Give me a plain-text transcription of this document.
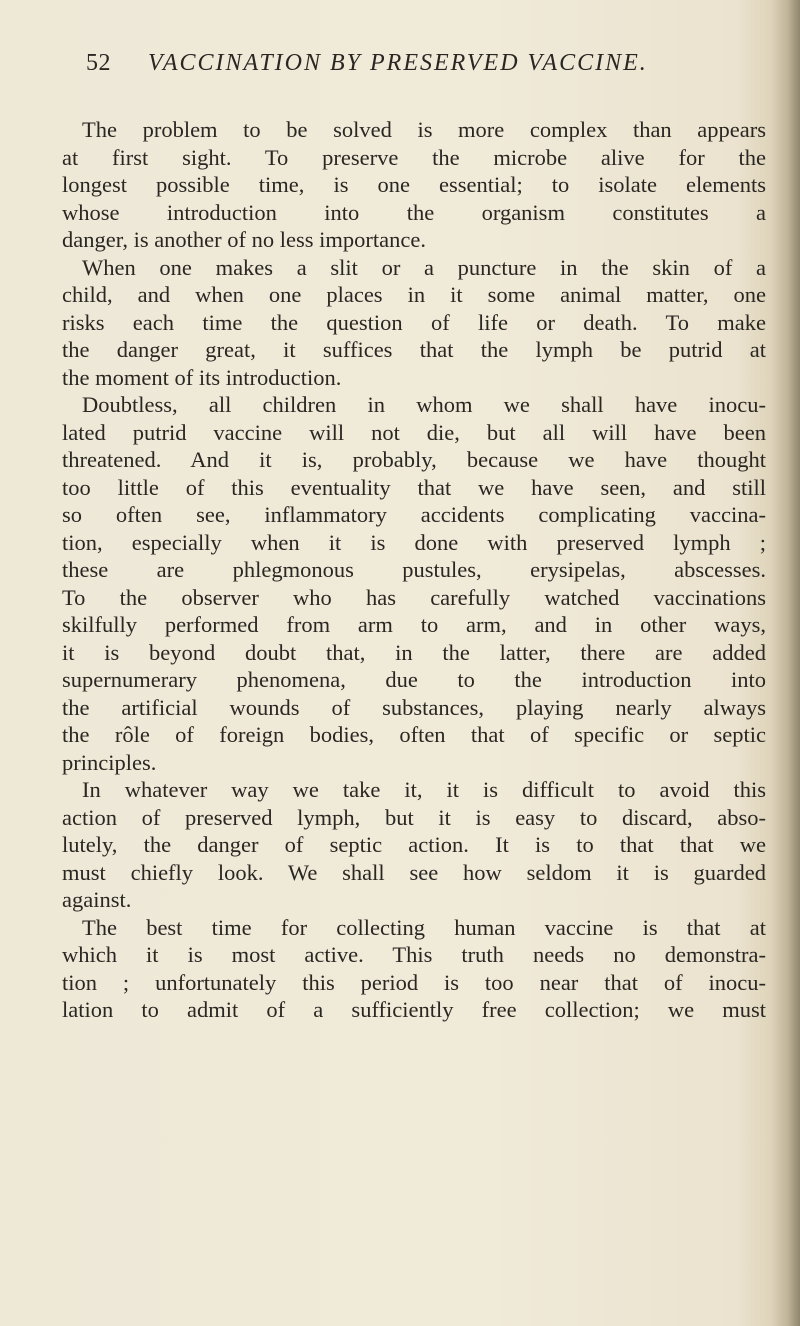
52 VACCINATION BY PRESERVED VACCINE.
The problem to be solved is more complex than appears
at first sight. To preserve the microbe alive for the
longest possible time, is one essential; to isolate elements
whose introduction into the organism constitutes a
danger, is another of no less importance.
When one makes a slit or a puncture in the skin of a
child, and when one places in it some animal matter, one
risks each time the question of life or death. To make
the danger great, it suffices that the lymph be putrid at
the moment of its introduction.
Doubtless, all children in whom we shall have inocu-
lated putrid vaccine will not die, but all will have been
threatened. And it is, probably, because we have thought
too little of this eventuality that we have seen, and still
so often see, inflammatory accidents complicating vaccina-
tion, especially when it is done with preserved lymph ;
these are phlegmonous pustules, erysipelas, abscesses.
To the observer who has carefully watched vaccinations
skilfully performed from arm to arm, and in other ways,
it is beyond doubt that, in the latter, there are added
supernumerary phenomena, due to the introduction into
the artificial wounds of substances, playing nearly always
the rôle of foreign bodies, often that of specific or septic
principles.
In whatever way we take it, it is difficult to avoid this
action of preserved lymph, but it is easy to discard, abso-
lutely, the danger of septic action. It is to that that we
must chiefly look. We shall see how seldom it is guarded
against.
The best time for collecting human vaccine is that at
which it is most active. This truth needs no demonstra-
tion ; unfortunately this period is too near that of inocu-
lation to admit of a sufficiently free collection; we must
